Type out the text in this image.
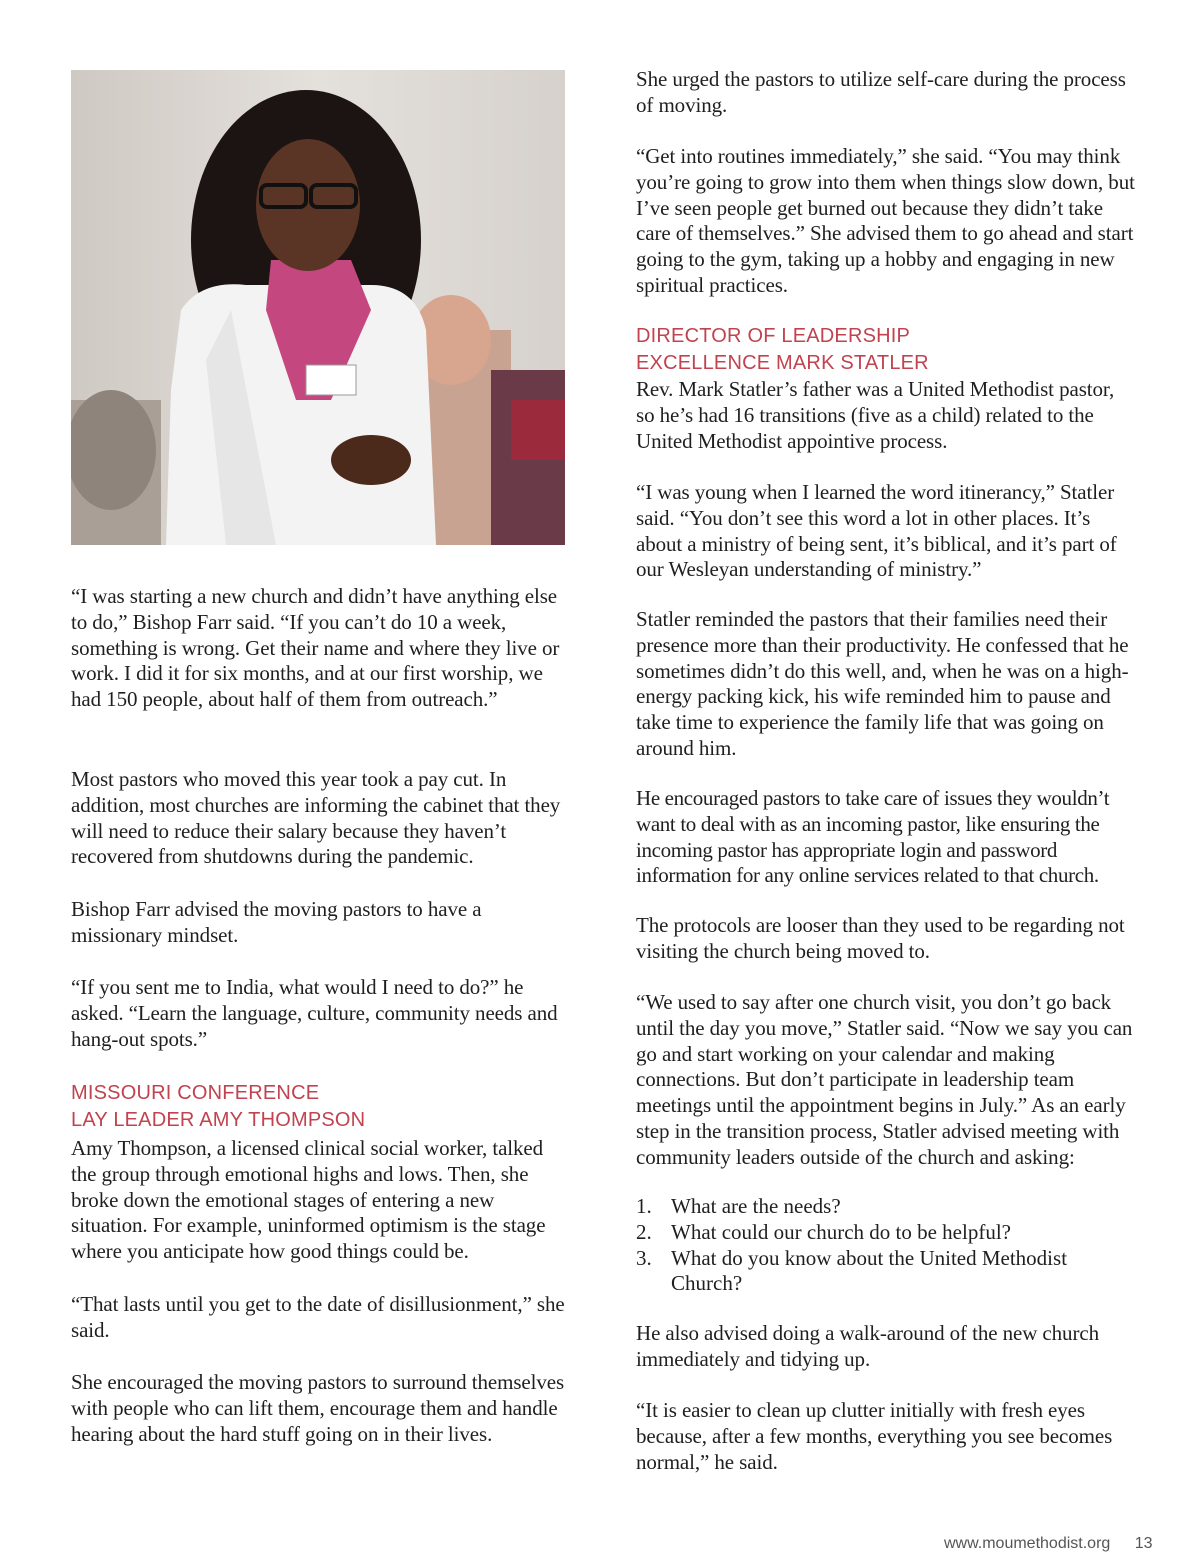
“I was starting a new church and didn’t have anything else to do,” Bishop Farr said. “If you can’t do 10 a week, something is wrong. Get their name and where they live or work. I did it for six months, and at our first worship, we had 150 people, about half of them from outreach.”

Most pastors who moved this year took a pay cut. In addition, most churches are informing the cabinet that they will need to reduce their salary because they haven’t recovered from shutdowns during the pandemic.

Bishop Farr advised the moving pastors to have a missionary mindset.

“If you sent me to India, what would I need to do?” he asked. “Learn the language, culture, community needs and hang-out spots.”

MISSOURI CONFERENCE
LAY LEADER AMY THOMPSON

Amy Thompson, a licensed clinical social worker, talked the group through emotional highs and lows. Then, she broke down the emotional stages of entering a new situation. For example, uninformed optimism is the stage where you anticipate how good things could be.

“That lasts until you get to the date of disillusionment,” she said.

She encouraged the moving pastors to surround themselves with people who can lift them, encourage them and handle hearing about the hard stuff going on in their lives.

She urged the pastors to utilize self-care during the process of moving.

“Get into routines immediately,” she said. “You may think you’re going to grow into them when things slow down, but I’ve seen people get burned out because they didn’t take care of themselves.” She advised them to go ahead and start going to the gym, taking up a hobby and engaging in new spiritual practices.

DIRECTOR OF LEADERSHIP
EXCELLENCE MARK STATLER

Rev. Mark Statler’s father was a United Methodist pastor, so he’s had 16 transitions (five as a child) related to the United Methodist appointive process.

“I was young when I learned the word itinerancy,” Statler said. “You don’t see this word a lot in other places. It’s about a ministry of being sent, it’s biblical, and it’s part of our Wesleyan understanding of ministry.”

Statler reminded the pastors that their families need their presence more than their productivity. He confessed that he sometimes didn’t do this well, and, when he was on a high-energy packing kick, his wife reminded him to pause and take time to experience the family life that was going on around him.

He encouraged pastors to take care of issues they wouldn’t want to deal with as an incoming pastor, like ensuring the incoming pastor has appropriate login and password information for any online services related to that church.

The protocols are looser than they used to be regarding not visiting the church being moved to.

“We used to say after one church visit, you don’t go back until the day you move,” Statler said. “Now we say you can go and start working on your calendar and making connections. But don’t participate in leadership team meetings until the appointment begins in July.” As an early step in the transition process, Statler advised meeting with community leaders outside of the church and asking:

1. What are the needs?
2. What could our church do to be helpful?
3. What do you know about the United Methodist Church?

He also advised doing a walk-around of the new church immediately and tidying up.

“It is easier to clean up clutter initially with fresh eyes because, after a few months, everything you see becomes normal,” he said.

www.moumethodist.org 13
